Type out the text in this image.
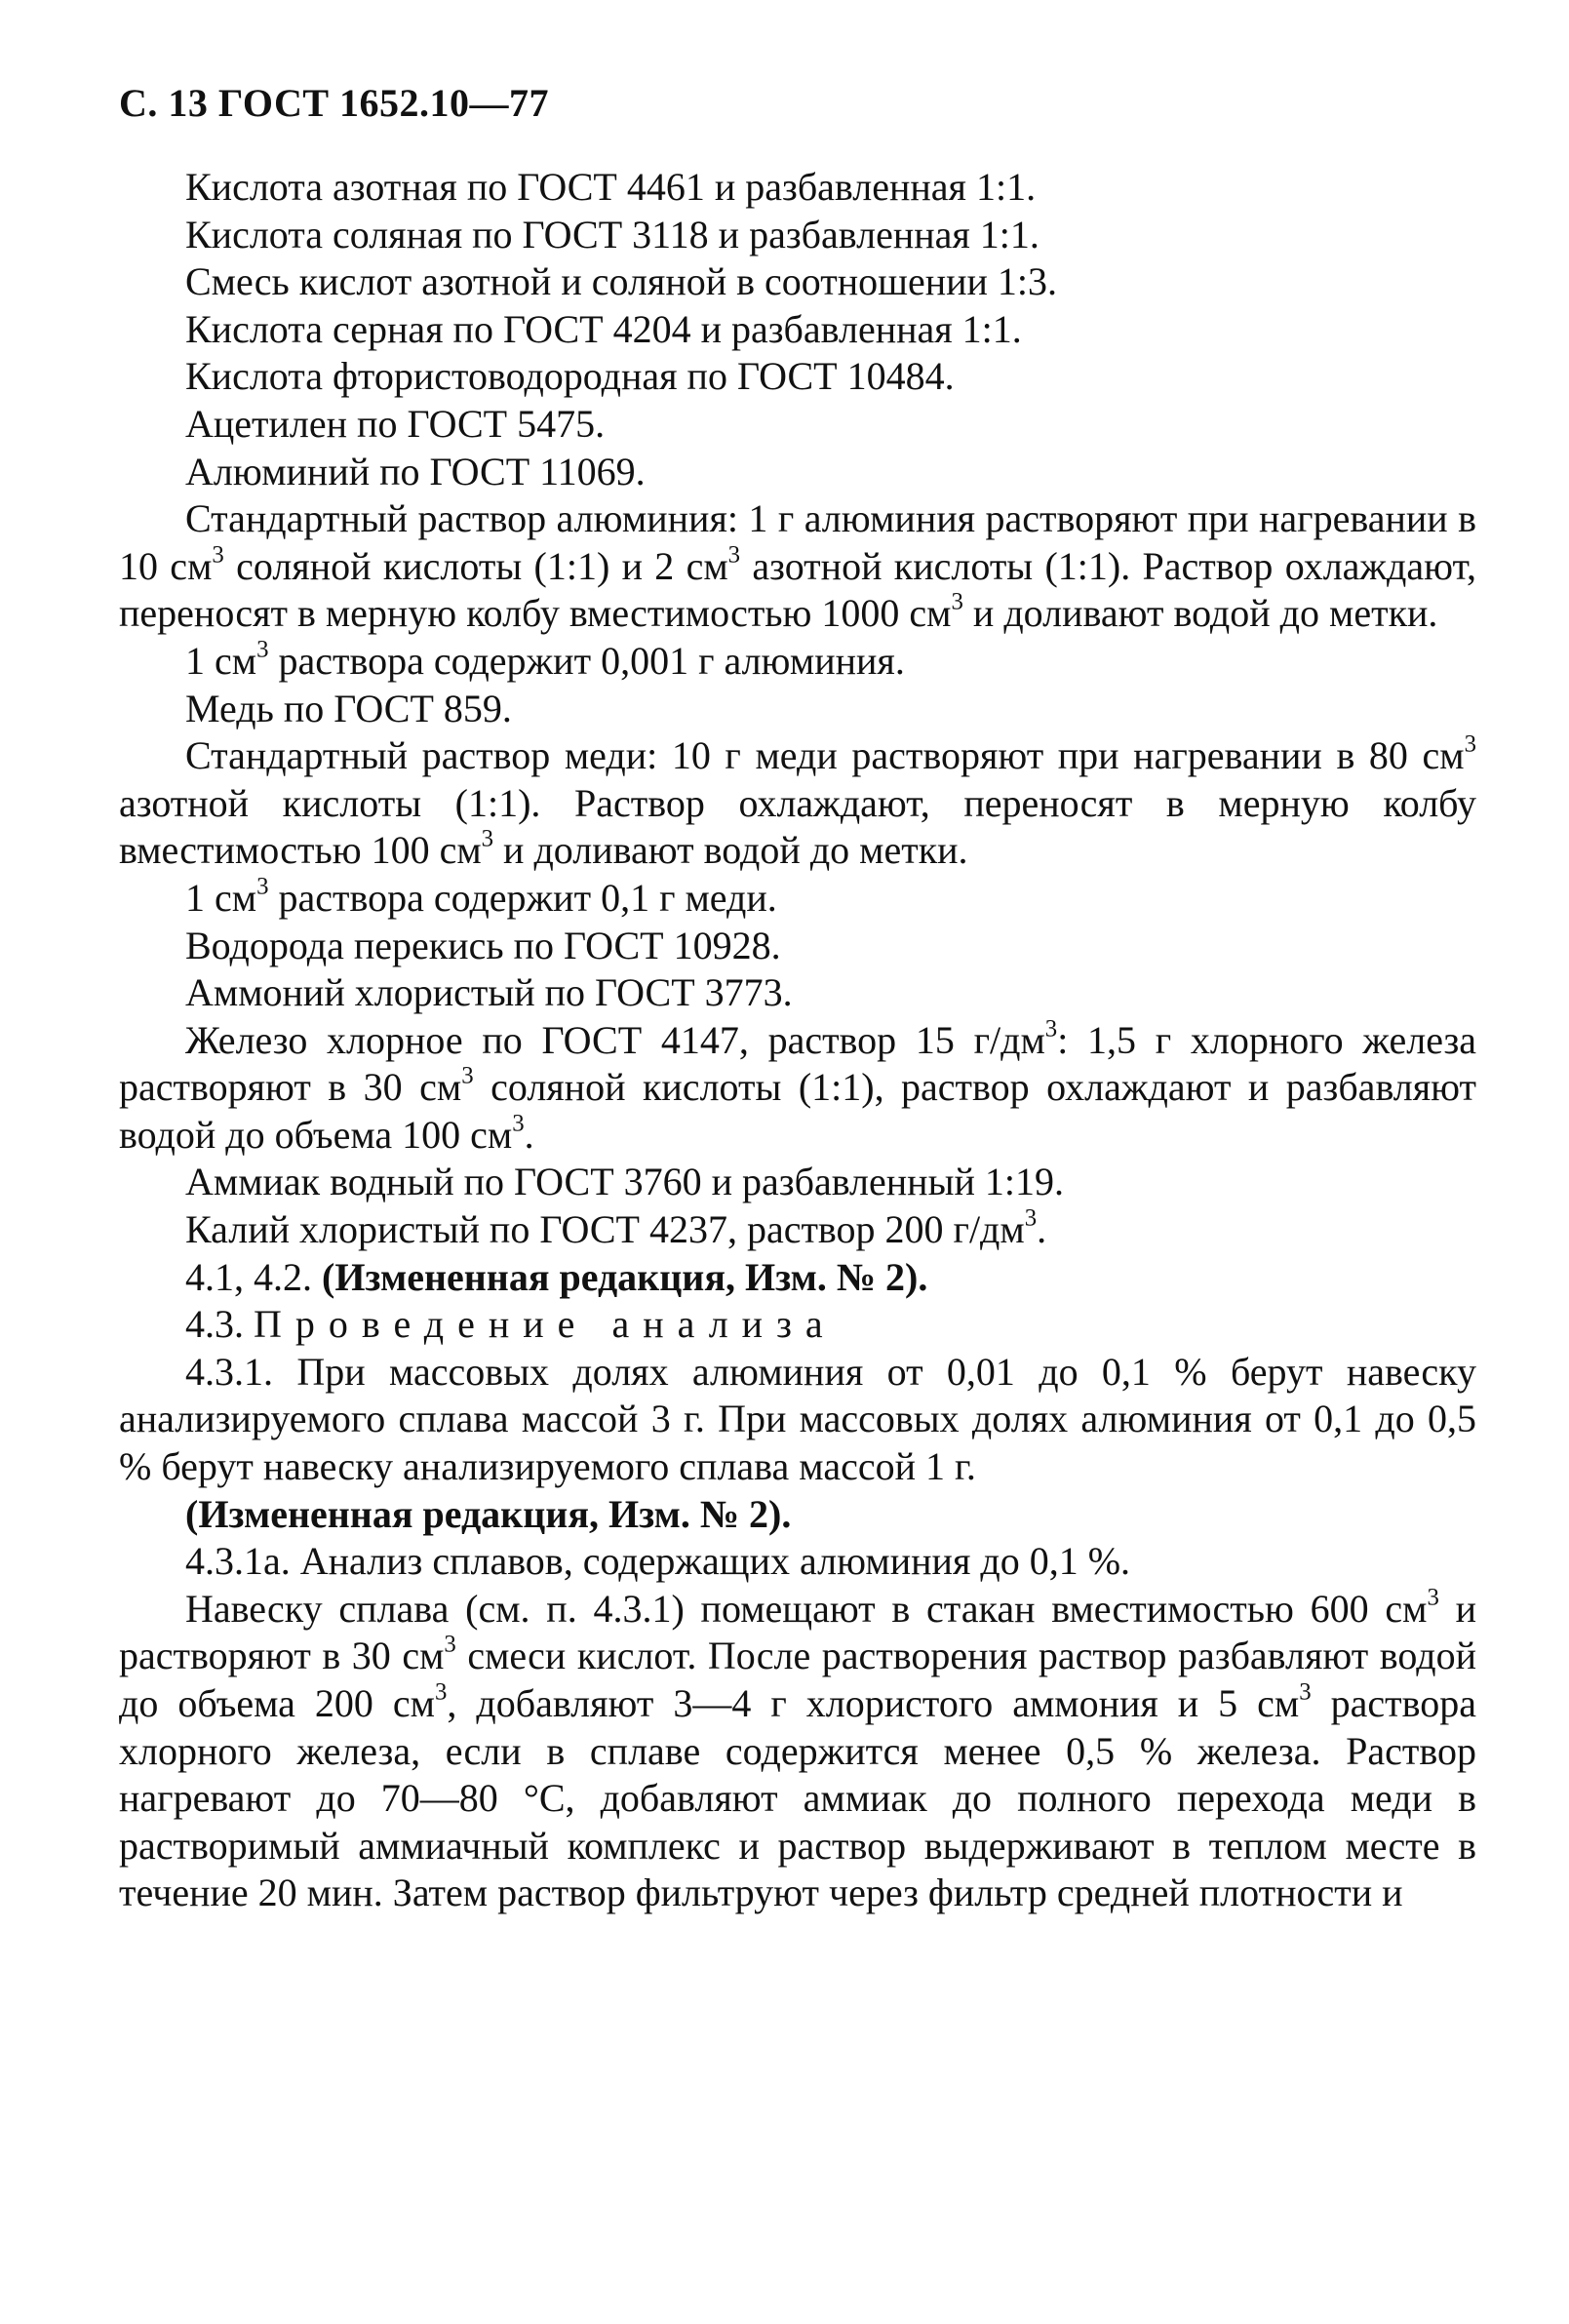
С. 13 ГОСТ 1652.10—77

Кислота азотная по ГОСТ 4461 и разбавленная 1:1.

Кислота соляная по ГОСТ 3118 и разбавленная 1:1.

Смесь кислот азотной и соляной в соотношении 1:3.

Кислота серная по ГОСТ 4204 и разбавленная 1:1.

Кислота фтористоводородная по ГОСТ 10484.

Ацетилен по ГОСТ 5475.

Алюминий по ГОСТ 11069.

Стандартный раствор алюминия: 1 г алюминия растворяют при нагревании в 10 $см^3$ соляной кислоты (1:1) и 2 $см^3$ азотной кислоты (1:1). Раствор охлаждают, переносят в мерную колбу вместимостью 1000 $см^3$ и доливают водой до метки.

1 $см^3$ раствора содержит 0,001 г алюминия.

Медь по ГОСТ 859.

Стандартный раствор меди: 10 г меди растворяют при нагревании в 80 $см^3$ азотной кислоты (1:1). Раствор охлаждают, переносят в мерную колбу вместимостью 100 $см^3$ и доливают водой до метки.

1 $см^3$ раствора содержит 0,1 г меди.

Водорода перекись по ГОСТ 10928.

Аммоний хлористый по ГОСТ 3773.

Железо хлорное по ГОСТ 4147, раствор 15 $г/дм^3$: 1,5 г хлорного железа растворяют в 30 $см^3$ соляной кислоты (1:1), раствор охлаждают и разбавляют водой до объема 100 $см^3$.

Аммиак водный по ГОСТ 3760 и разбавленный 1:19.

Калий хлористый по ГОСТ 4237, раствор 200 $г/дм^3$.

4.1, 4.2. (Измененная редакция, Изм. № 2).

4.3. Проведение анализа

4.3.1. При массовых долях алюминия от 0,01 до 0,1 % берут навеску анализируемого сплава массой 3 г. При массовых долях алюминия от 0,1 до 0,5 % берут навеску анализируемого сплава массой 1 г.

(Измененная редакция, Изм. № 2).

4.3.1а. Анализ сплавов, содержащих алюминия до 0,1 %.

Навеску сплава (см. п. 4.3.1) помещают в стакан вместимостью 600 $см^3$ и растворяют в 30 $см^3$ смеси кислот. После растворения раствор разбавляют водой до объема 200 $см^3$, добавляют 3—4 г хлористого аммония и 5 $см^3$ раствора хлорного железа, если в сплаве содержится менее 0,5 % железа. Раствор нагревают до 70—80 °С, добавляют аммиак до полного перехода меди в растворимый аммиачный комплекс и раствор выдерживают в теплом месте в течение 20 мин. Затем раствор фильтруют через фильтр средней плотности и
